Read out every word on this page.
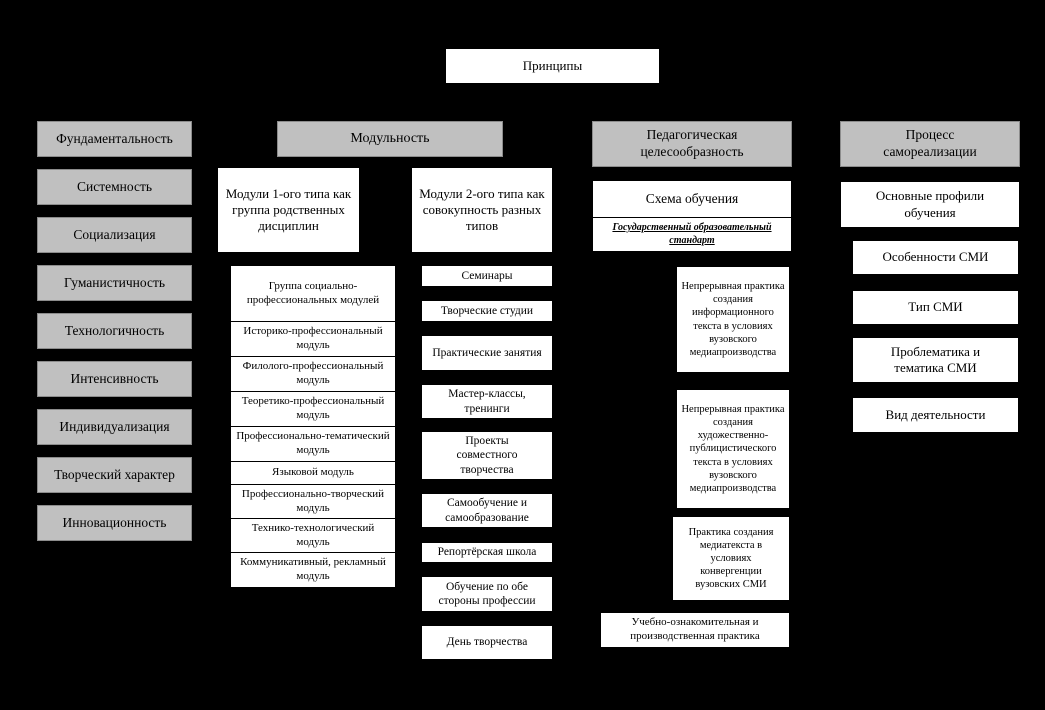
Принципы
Фундаментальность
Системность
Социализация
Гуманистичность
Технологичность
Интенсивность
Индивидуализация
Творческий характер
Инновационность
Модульность
Модули 1-ого типа как группа родственных дисциплин
Модули 2-ого типа как совокупность разных типов
Группа социально-профессиональных модулей
Историко-профессиональный модуль
Филолого-профессиональный модуль
Теоретико-профессиональный модуль
Профессионально-тематический модуль
Языковой модуль
Профессионально-творческий модуль
Технико-технологический модуль
Коммуникативный, рекламный модуль
Семинары
Творческие студии
Практические занятия
Мастер-классы, тренинги
Проекты совместного творчества
Самообучение и самообразование
Репортёрская школа
Обучение по обе стороны профессии
День творчества
Педагогическая целесообразность
Схема обучения
Государственный образовательный стандарт
Непрерывная практика создания информационного текста в условиях вузовского медиапроизводства
Непрерывная практика создания художественно-публицистического текста в условиях вузовского медиапроизводства
Практика создания медиатекста в условиях конвергенции вузовских СМИ
Учебно-ознакомительная и производственная практика
Процесс самореализации
Основные профили обучения
Особенности СМИ
Тип СМИ
Проблематика и тематика СМИ
Вид деятельности
